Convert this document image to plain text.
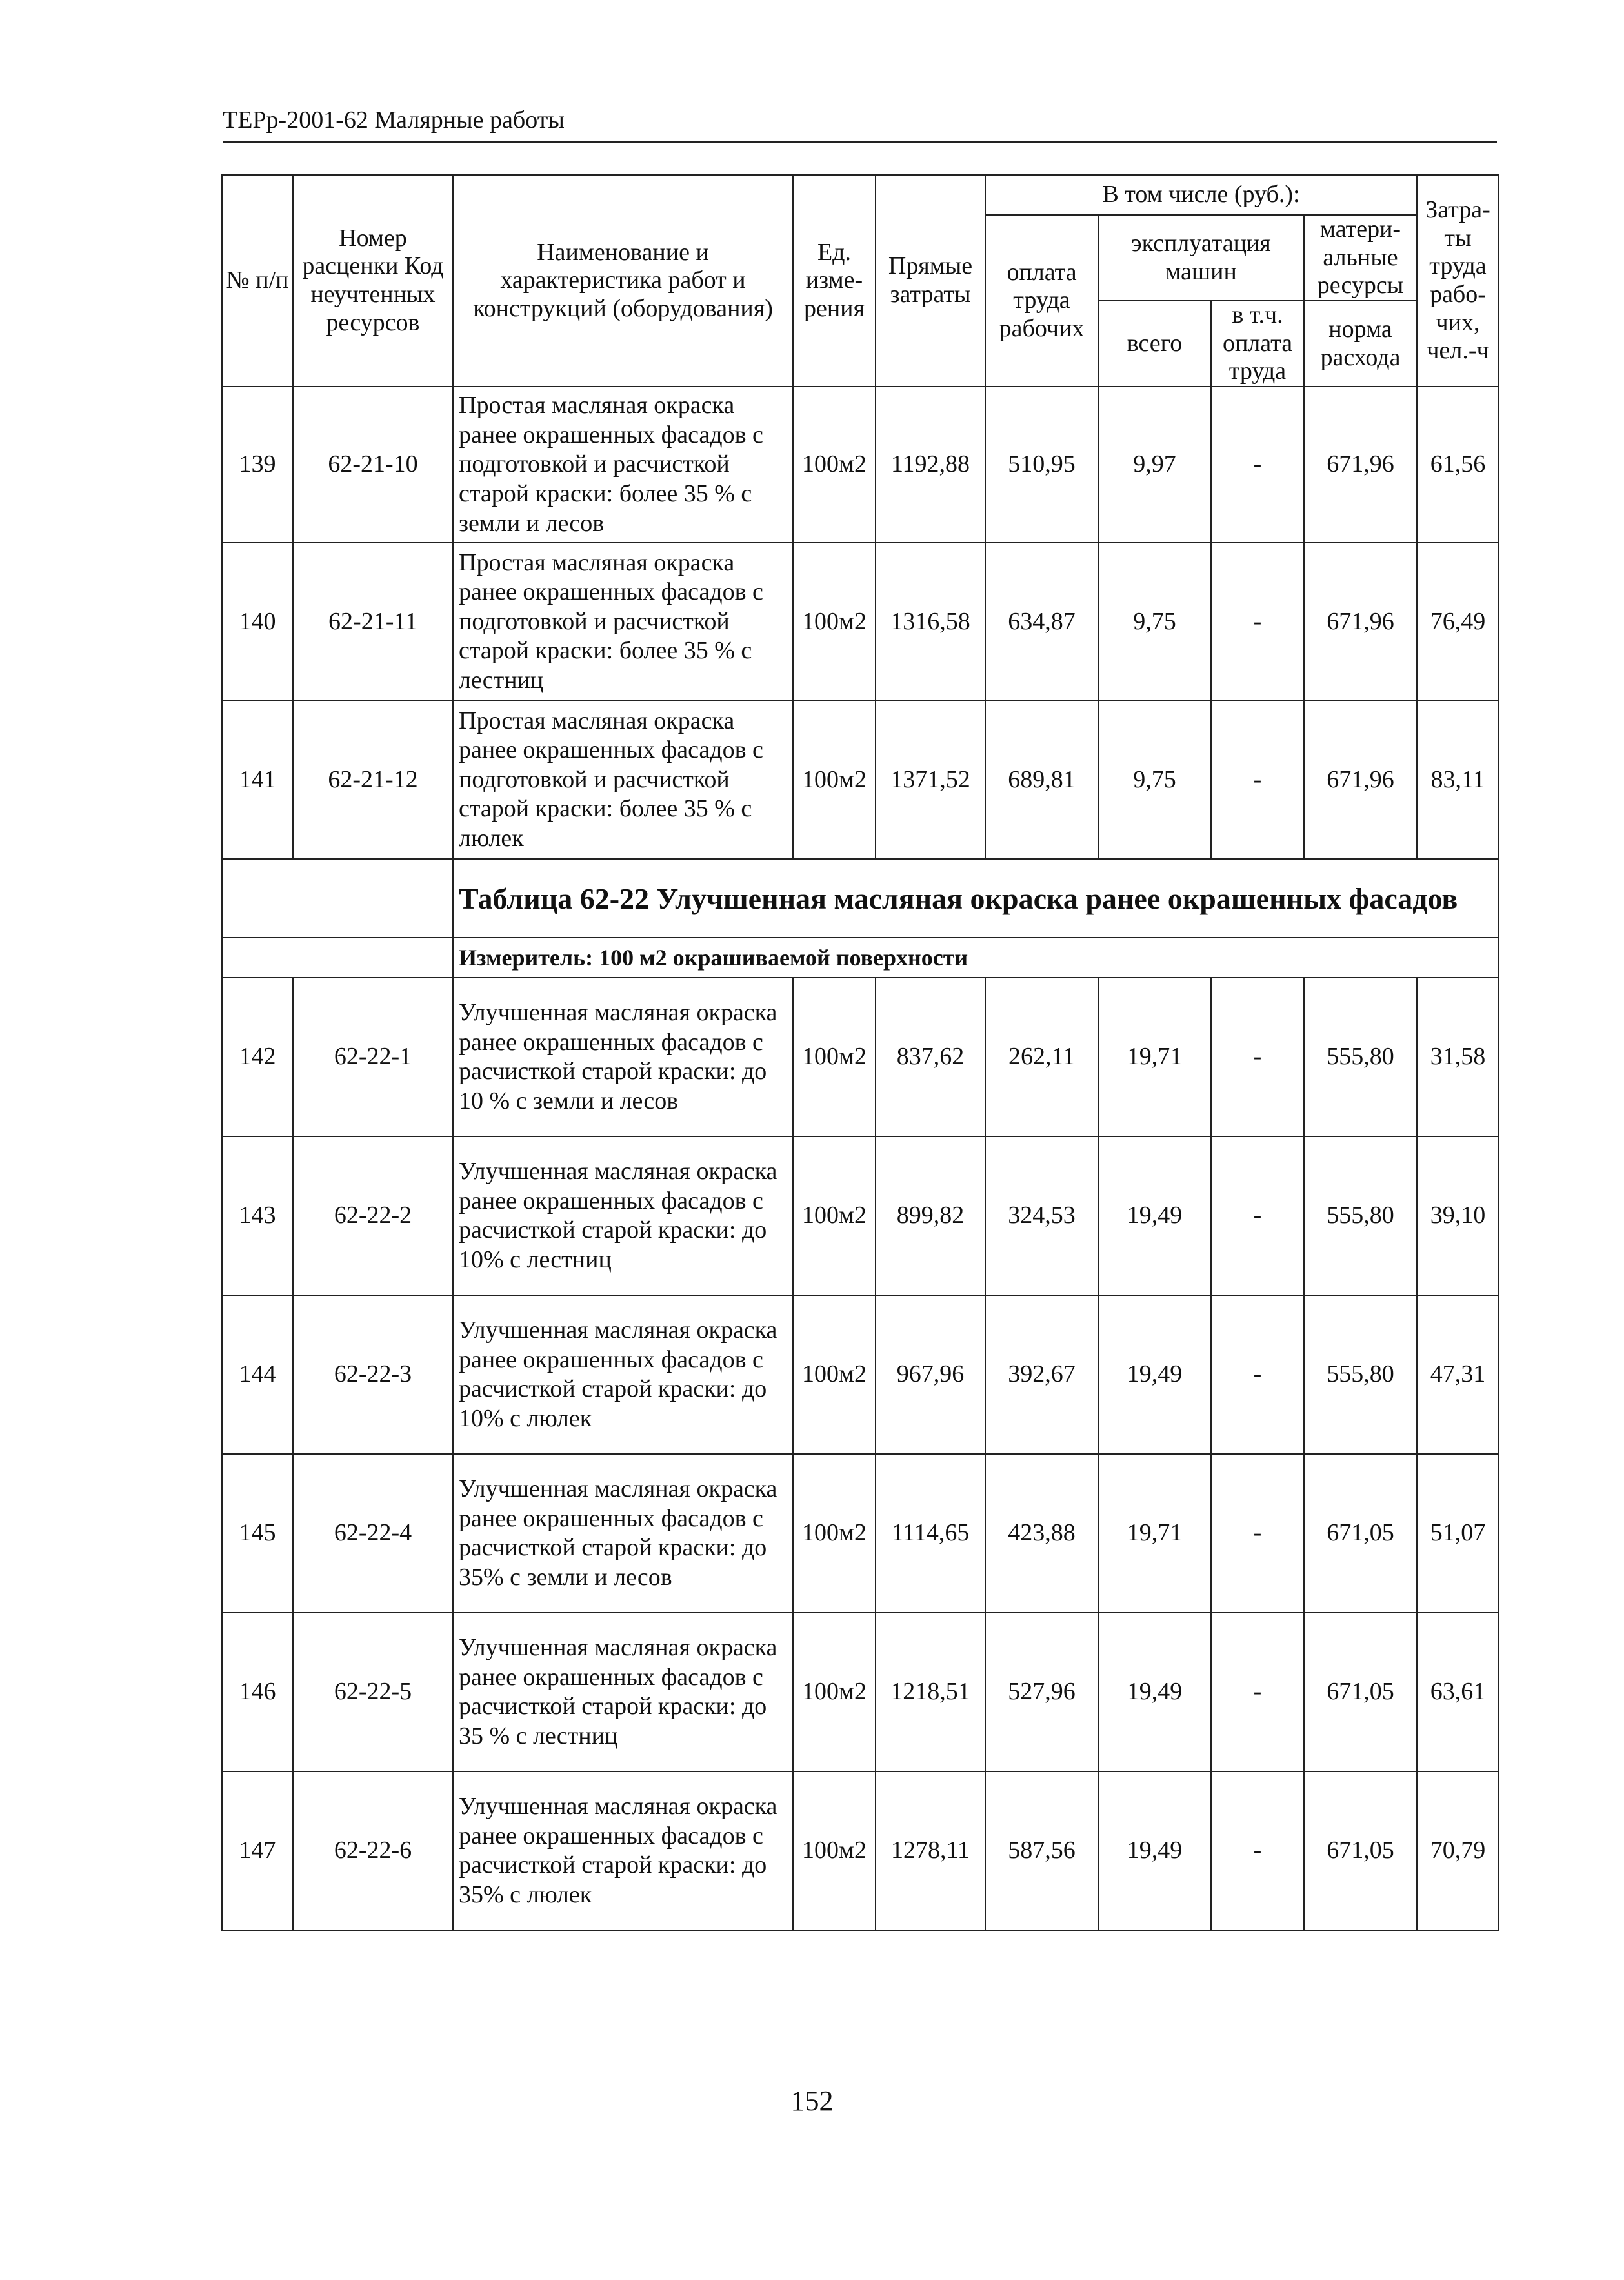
ТЕРр-2001-62 Малярные работы
№ п/п	Номер расценки Код неучтенных ресурсов	Наименование и характеристика работ и конструкций (оборудования)	Ед. изме-рения	Прямые затраты	В том числе (руб.):				Затра-ты труда рабо-чих, чел.-ч
					оплата труда рабочих	эксплуатация машин		матери-альные ресурсы	
						всего	в т.ч. оплата труда	норма расхода	

139	62-21-10	Простая масляная окраска ранее окрашенных фасадов с подготовкой и расчисткой старой краски: более 35 % с земли и лесов	100м2	1192,88	510,95	9,97	-	671,96	61,56
140	62-21-11	Простая масляная окраска ранее окрашенных фасадов с подготовкой и расчисткой старой краски: более 35 % с лестниц	100м2	1316,58	634,87	9,75	-	671,96	76,49
141	62-21-12	Простая масляная окраска ранее окрашенных фасадов с подготовкой и расчисткой старой краски: более 35 % с люлек	100м2	1371,52	689,81	9,75	-	671,96	83,11
		Таблица 62-22 Улучшенная масляная окраска ранее окрашенных фасадов							
		Измеритель: 100 м2 окрашиваемой поверхности							
142	62-22-1	Улучшенная масляная окраска ранее окрашенных фасадов с расчисткой старой краски: до 10 % с земли и лесов	100м2	837,62	262,11	19,71	-	555,80	31,58
143	62-22-2	Улучшенная масляная окраска ранее окрашенных фасадов с расчисткой старой краски: до 10% с лестниц	100м2	899,82	324,53	19,49	-	555,80	39,10
144	62-22-3	Улучшенная масляная окраска ранее окрашенных фасадов с расчисткой старой краски: до 10% с люлек	100м2	967,96	392,67	19,49	-	555,80	47,31
145	62-22-4	Улучшенная масляная окраска ранее окрашенных фасадов с расчисткой старой краски: до 35% с земли и лесов	100м2	1114,65	423,88	19,71	-	671,05	51,07
146	62-22-5	Улучшенная масляная окраска ранее окрашенных фасадов с расчисткой старой краски: до 35 % с лестниц	100м2	1218,51	527,96	19,49	-	671,05	63,61
147	62-22-6	Улучшенная масляная окраска ранее окрашенных фасадов с расчисткой старой краски: до 35% с люлек	100м2	1278,11	587,56	19,49	-	671,05	70,79
152
